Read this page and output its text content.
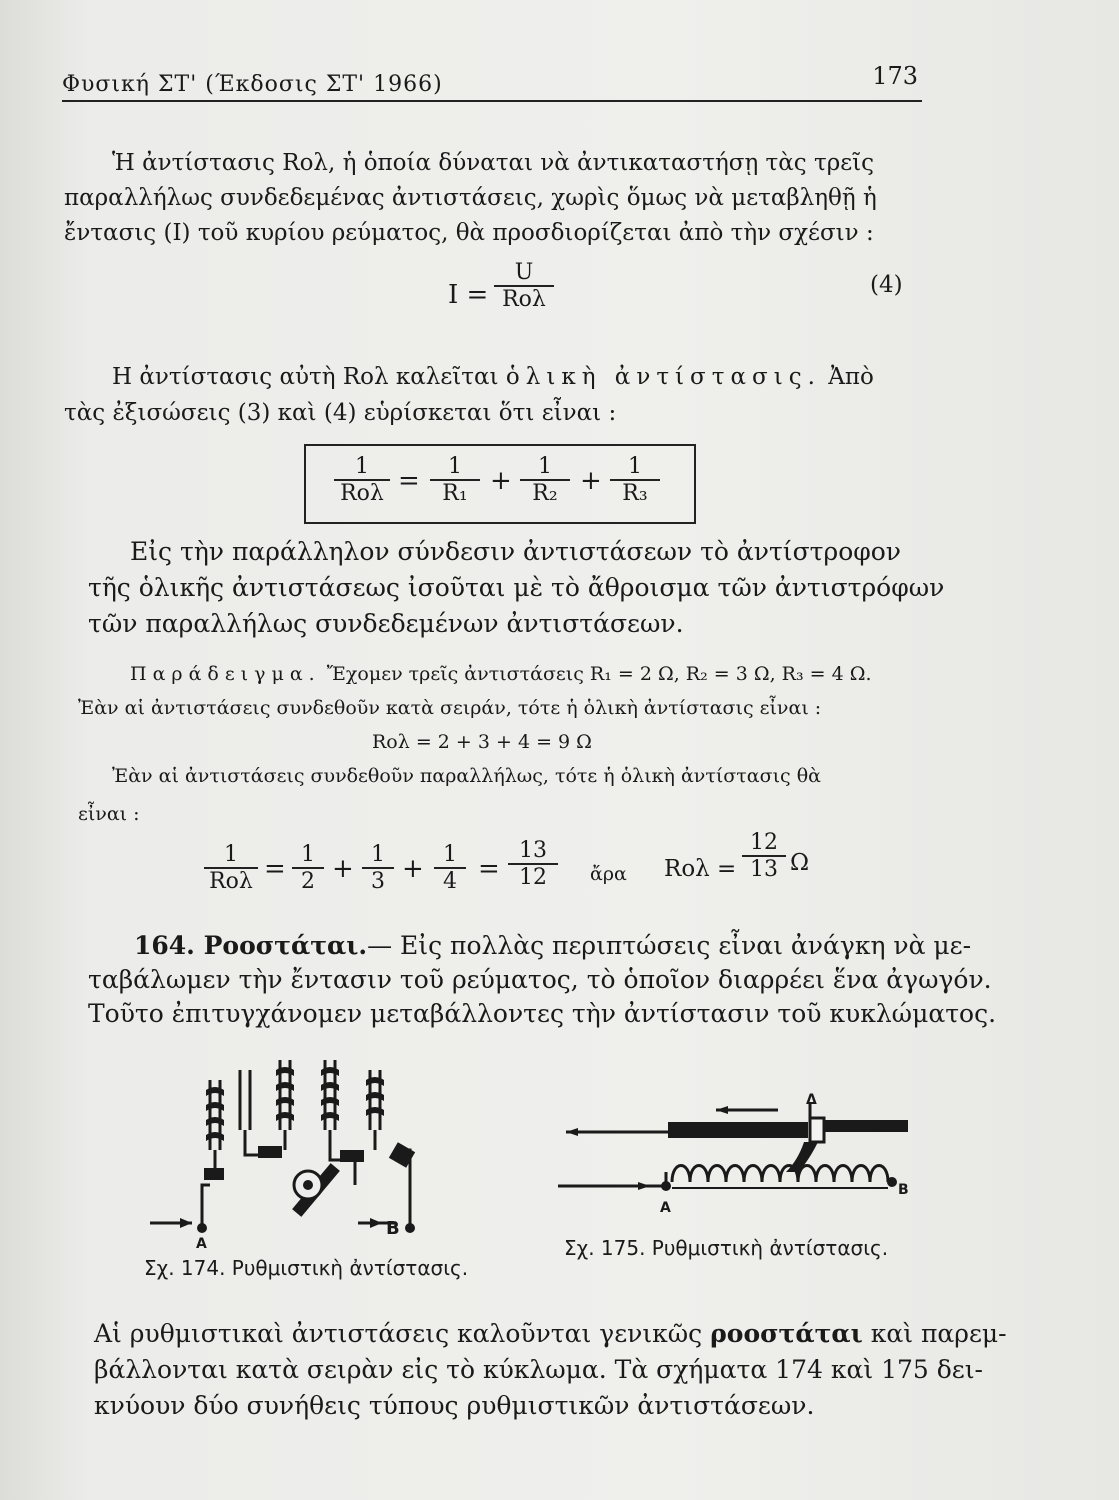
Φυσική ΣΤ' (Έκδοσις ΣΤ' 1966)	173
Ἡ ἀντίστασις Rολ, ἡ ὁποία δύναται νὰ ἀντικαταστήσῃ τὰς τρεῖς
παραλλήλως συνδεδεμένας ἀντιστάσεις, χωρὶς ὅμως νὰ μεταβληθῇ ἡ
ἔντασις (Ι) τοῦ κυρίου ρεύματος, θὰ προσδιορίζεται ἀπὸ τὴν σχέσιν :
I =
U
Rολ
(4)
Η ἀντίστασις αὐτὴ Rολ καλεῖται ὁλικὴ ἀντίστασις. Ἀπὸ
τὰς ἐξισώσεις (3) καὶ (4) εὑρίσκεται ὅτι εἶναι :
1
$Ro\lambda = \frac{1}{\text{R₁}} + \frac{1}{\text{R₂}} + \frac{1}{\text{R₃}}$
Εἰς τὴν παράλληλον σύνδεσιν ἀντιστάσεων τὸ ἀντίστροφον
τῆς ὁλικῆς ἀντιστάσεως ἰσοῦται μὲ τὸ ἄθροισμα τῶν ἀντιστρόφων
τῶν παραλλήλως συνδεδεμένων ἀντιστάσεων.
Παράδειγμα. Ἔχομεν τρεῖς ἀντιστάσεις R₁ = 2 Ω, R₂ = 3 Ω, R₃ = 4 Ω.
Ἐὰν αἱ ἀντιστάσεις συνδεθοῦν κατὰ σειράν, τότε ἡ ὁλικὴ ἀντίστασις εἶναι :
Rολ = 2 + 3 + 4 = 9 Ω
Ἐὰν αἱ ἀντιστάσεις συνδεθοῦν παραλλήλως, τότε ἡ ὁλικὴ ἀντίστασις θὰ
εἶναι :
1
$Ro\lambda = \frac{1}{2} + \frac{1}{3} + \frac{1}{4} = \frac{13}{12}$ ἄρα $Ro\lambda = \frac{12}{13}$ Ω
164. Ροοστάται.— Εἰς πολλὰς περιπτώσεις εἶναι ἀνάγκη νὰ με-
ταβάλωμεν τὴν ἔντασιν τοῦ ρεύματος, τὸ ὁποῖον διαρρέει ἕνα ἀγωγόν.
Τοῦτο ἐπιτυγχάνομεν μεταβάλλοντες τὴν ἀντίστασιν τοῦ κυκλώματος.
A
B
Σχ. 174. Ρυθμιστικὴ ἀντίστασις.
Δ
A
B
Σχ. 175. Ρυθμιστικὴ ἀντίστασις.
Αἱ ρυθμιστικαὶ ἀντιστάσεις καλοῦνται γενικῶς ροοστάται καὶ παρεμ-
βάλλονται κατὰ σειρὰν εἰς τὸ κύκλωμα. Τὰ σχήματα 174 καὶ 175 δει-
κνύουν δύο συνήθεις τύπους ρυθμιστικῶν ἀντιστάσεων.
